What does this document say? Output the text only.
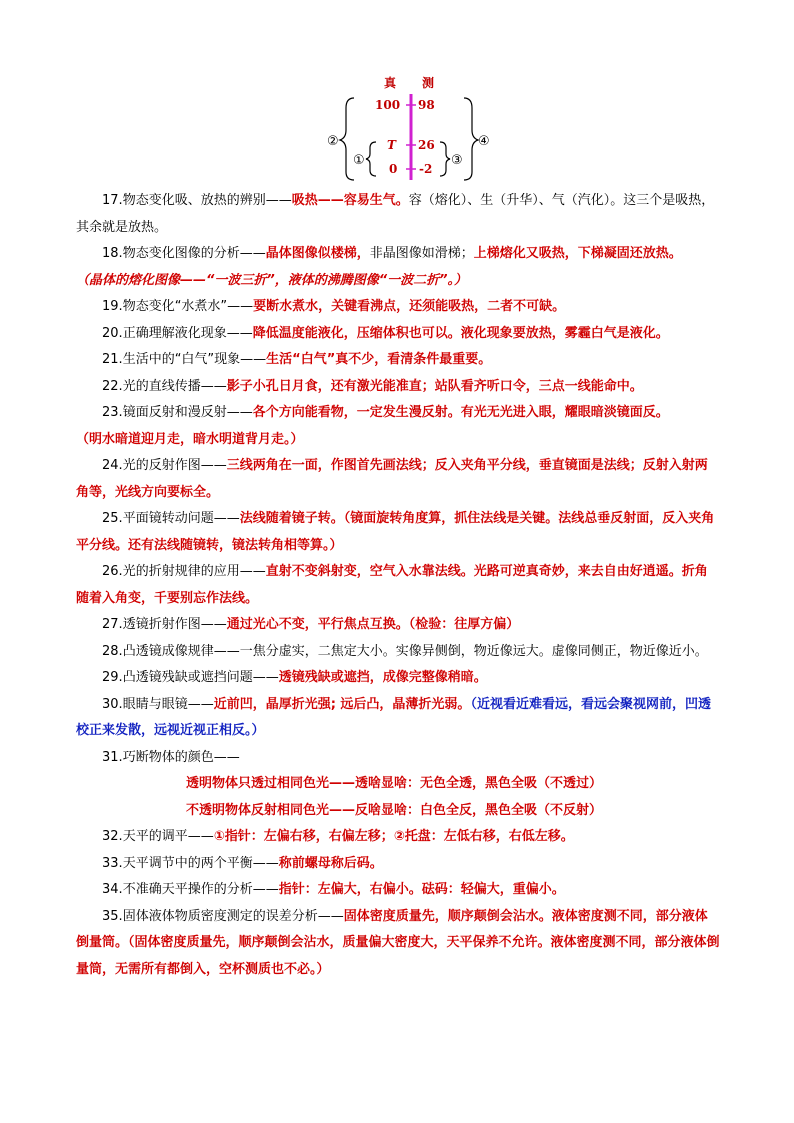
真 测
100 98
T 26
0 -2
②
①	③
④

17.物态变化吸、放热的辨别——吸热——容易生气。容（熔化）、生（升华）、气（汽化）。这三个是吸热，其余就是放热。

18.物态变化图像的分析——晶体图像似楼梯，非晶图像如滑梯；上梯熔化又吸热，下梯凝固还放热。

（晶体的熔化图像——“一波三折”，液体的沸腾图像“一波二折”。）

19.物态变化“水煮水”——要断水煮水，关键看沸点，还须能吸热，二者不可缺。

20.正确理解液化现象——降低温度能液化，压缩体积也可以。液化现象要放热，雾霾白气是液化。

21.生活中的“白气”现象——生活“白气”真不少，看清条件最重要。

22.光的直线传播——影子小孔日月食，还有激光能准直；站队看齐听口令，三点一线能命中。

23.镜面反射和漫反射——各个方向能看物，一定发生漫反射。有光无光进入眼，耀眼暗淡镜面反。

（明水暗道迎月走，暗水明道背月走。）

24.光的反射作图——三线两角在一面，作图首先画法线；反入夹角平分线，垂直镜面是法线；反射入射两角等，光线方向要标全。

25.平面镜转动问题——法线随着镜子转。（镜面旋转角度算，抓住法线是关键。法线总垂反射面，反入夹角平分线。还有法线随镜转，镜法转角相等算。）

26.光的折射规律的应用——直射不变斜射变，空气入水靠法线。光路可逆真奇妙，来去自由好逍遥。折角随着入角变，千要别忘作法线。

27.透镜折射作图——通过光心不变，平行焦点互换。（检验：往厚方偏）

28.凸透镜成像规律——一焦分虚实，二焦定大小。实像异侧倒，物近像远大。虚像同侧正，物近像近小。

29.凸透镜残缺或遮挡问题——透镜残缺或遮挡，成像完整像稍暗。

30.眼睛与眼镜——近前凹，晶厚折光强; 远后凸，晶薄折光弱。（近视看近难看远，看远会聚视网前，凹透校正来发散，远视近视正相反。）

31.巧断物体的颜色——

透明物体只透过相同色光——透啥显啥：无色全透，黑色全吸（不透过）

不透明物体反射相同色光——反啥显啥：白色全反，黑色全吸（不反射）

32.天平的调平——①指针：左偏右移，右偏左移；②托盘：左低右移，右低左移。

33.天平调节中的两个平衡——称前螺母称后码。

34.不准确天平操作的分析——指针：左偏大，右偏小。砝码：轻偏大，重偏小。

35.固体液体物质密度测定的误差分析——固体密度质量先，顺序颠倒会沾水。液体密度测不同，部分液体倒量筒。（固体密度质量先，顺序颠倒会沾水，质量偏大密度大，天平保养不允许。液体密度测不同，部分液体倒量筒，无需所有都倒入，空杯测质也不必。）
